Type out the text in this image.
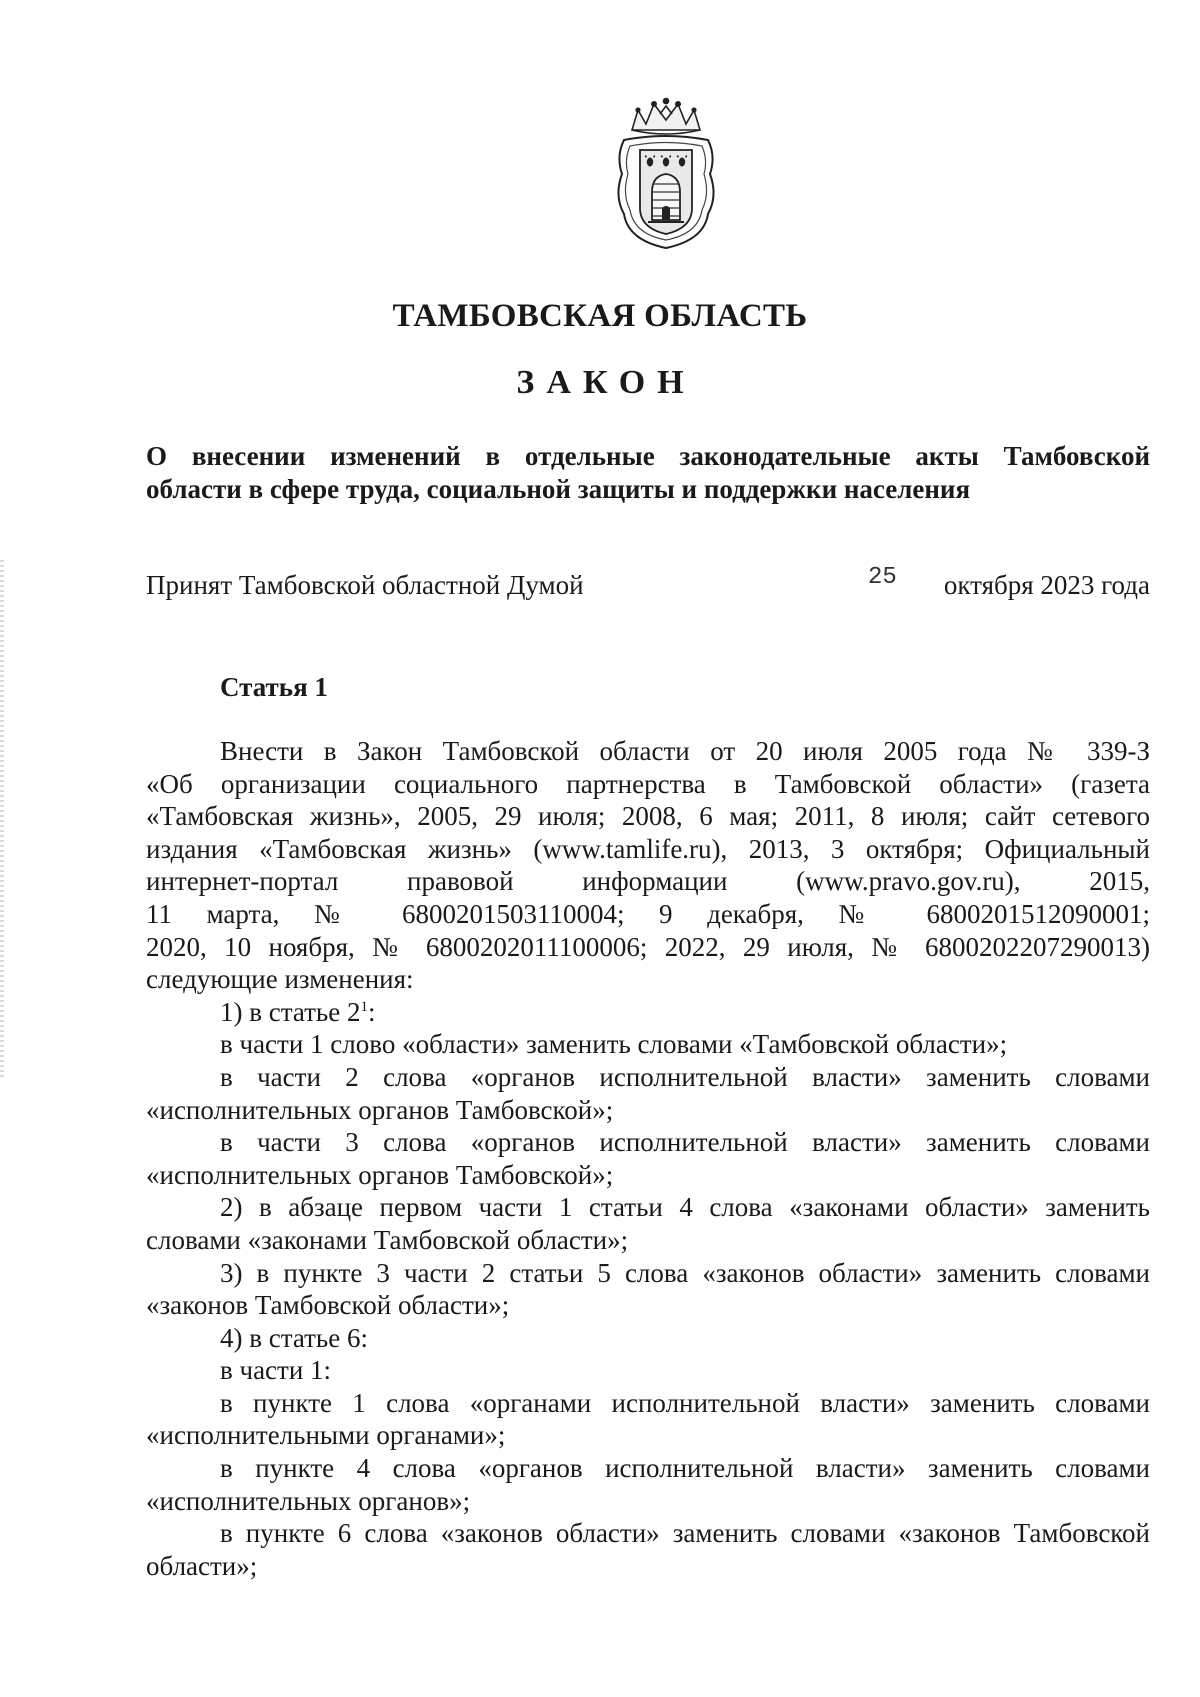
ТАМБОВСКАЯ ОБЛАСТЬ
ЗАКОН
О внесении изменений в отдельные законодательные акты Тамбовской
области в сфере труда, социальной защиты и поддержки населения
Принят Тамбовской областной Думой	25 октября 2023 года
Статья 1
Внести в Закон Тамбовской области от 20 июля 2005 года № 339-З
«Об организации социального партнерства в Тамбовской области» (газета
«Тамбовская жизнь», 2005, 29 июля; 2008, 6 мая; 2011, 8 июля; сайт сетевого
издания «Тамбовская жизнь» (www.tamlife.ru), 2013, 3 октября; Официальный
интернет-портал правовой информации (www.pravo.gov.ru), 2015,
11 марта, № 6800201503110004; 9 декабря, № 6800201512090001;
2020, 10 ноября, № 6800202011100006; 2022, 29 июля, № 6800202207290013)
следующие изменения:
1) в статье $2^1$:
в части 1 слово «области» заменить словами «Тамбовской области»;
в части 2 слова «органов исполнительной власти» заменить словами
«исполнительных органов Тамбовской»;
в части 3 слова «органов исполнительной власти» заменить словами
«исполнительных органов Тамбовской»;
2) в абзаце первом части 1 статьи 4 слова «законами области» заменить
словами «законами Тамбовской области»;
3) в пункте 3 части 2 статьи 5 слова «законов области» заменить словами
«законов Тамбовской области»;
4) в статье 6:
в части 1:
в пункте 1 слова «органами исполнительной власти» заменить словами
«исполнительными органами»;
в пункте 4 слова «органов исполнительной власти» заменить словами
«исполнительных органов»;
в пункте 6 слова «законов области» заменить словами «законов Тамбовской
области»;
